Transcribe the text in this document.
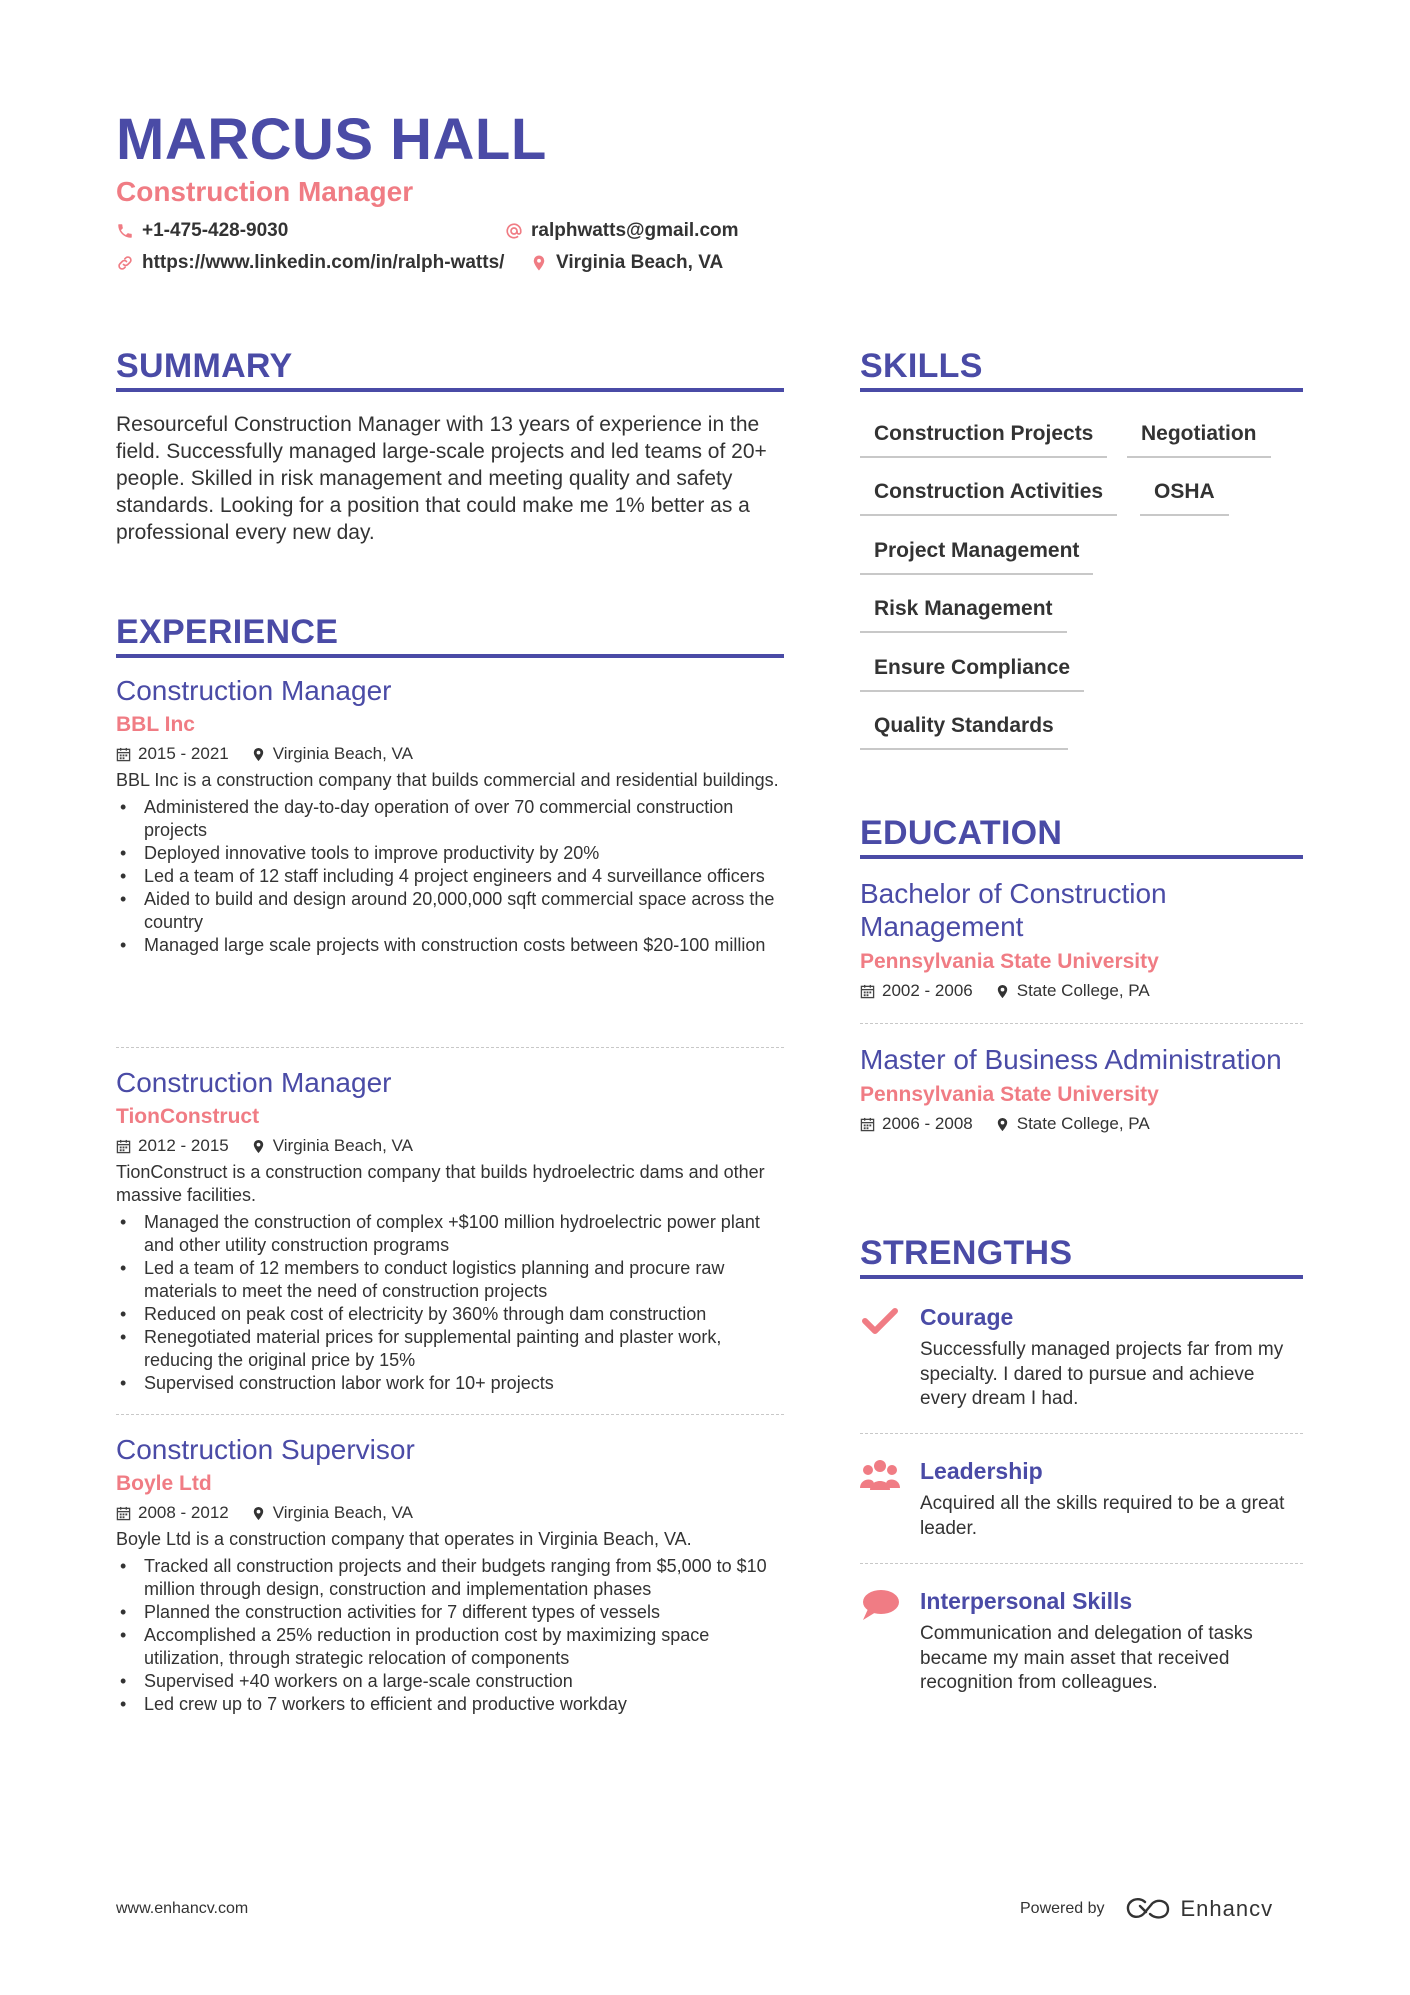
MARCUS HALL
Construction Manager
+1-475-428-9030	ralphwatts@gmail.com
https://www.linkedin.com/in/ralph-watts/	Virginia Beach, VA
SUMMARY
Resourceful Construction Manager with 13 years of experience in the field. Successfully managed large-scale projects and led teams of 20+ people. Skilled in risk management and meeting quality and safety standards. Looking for a position that could make me 1% better as a professional every new day.
EXPERIENCE
Construction Manager
BBL Inc
2015 - 2021	Virginia Beach, VA
BBL Inc is a construction company that builds commercial and residential buildings.
• Administered the day-to-day operation of over 70 commercial construction projects
• Deployed innovative tools to improve productivity by 20%
• Led a team of 12 staff including 4 project engineers and 4 surveillance officers
• Aided to build and design around 20,000,000 sqft commercial space across the country
• Managed large scale projects with construction costs between $20-100 million
Construction Manager
TionConstruct
2012 - 2015	Virginia Beach, VA
TionConstruct is a construction company that builds hydroelectric dams and other massive facilities.
• Managed the construction of complex +$100 million hydroelectric power plant and other utility construction programs
• Led a team of 12 members to conduct logistics planning and procure raw materials to meet the need of construction projects
• Reduced on peak cost of electricity by 360% through dam construction
• Renegotiated material prices for supplemental painting and plaster work, reducing the original price by 15%
• Supervised construction labor work for 10+ projects
Construction Supervisor
Boyle Ltd
2008 - 2012	Virginia Beach, VA
Boyle Ltd is a construction company that operates in Virginia Beach, VA.
• Tracked all construction projects and their budgets ranging from $5,000 to $10 million through design, construction and implementation phases
• Planned the construction activities for 7 different types of vessels
• Accomplished a 25% reduction in production cost by maximizing space utilization, through strategic relocation of components
• Supervised +40 workers on a large-scale construction
• Led crew up to 7 workers to efficient and productive workday
SKILLS
Construction Projects	Negotiation
Construction Activities	OSHA
Project Management
Risk Management
Ensure Compliance
Quality Standards
EDUCATION
Bachelor of Construction Management
Pennsylvania State University
2002 - 2006	State College, PA
Master of Business Administration
Pennsylvania State University
2006 - 2008	State College, PA
STRENGTHS
Courage
Successfully managed projects far from my specialty. I dared to pursue and achieve every dream I had.
Leadership
Acquired all the skills required to be a great leader.
Interpersonal Skills
Communication and delegation of tasks became my main asset that received recognition from colleagues.
www.enhancv.com	Powered by	Enhancv
